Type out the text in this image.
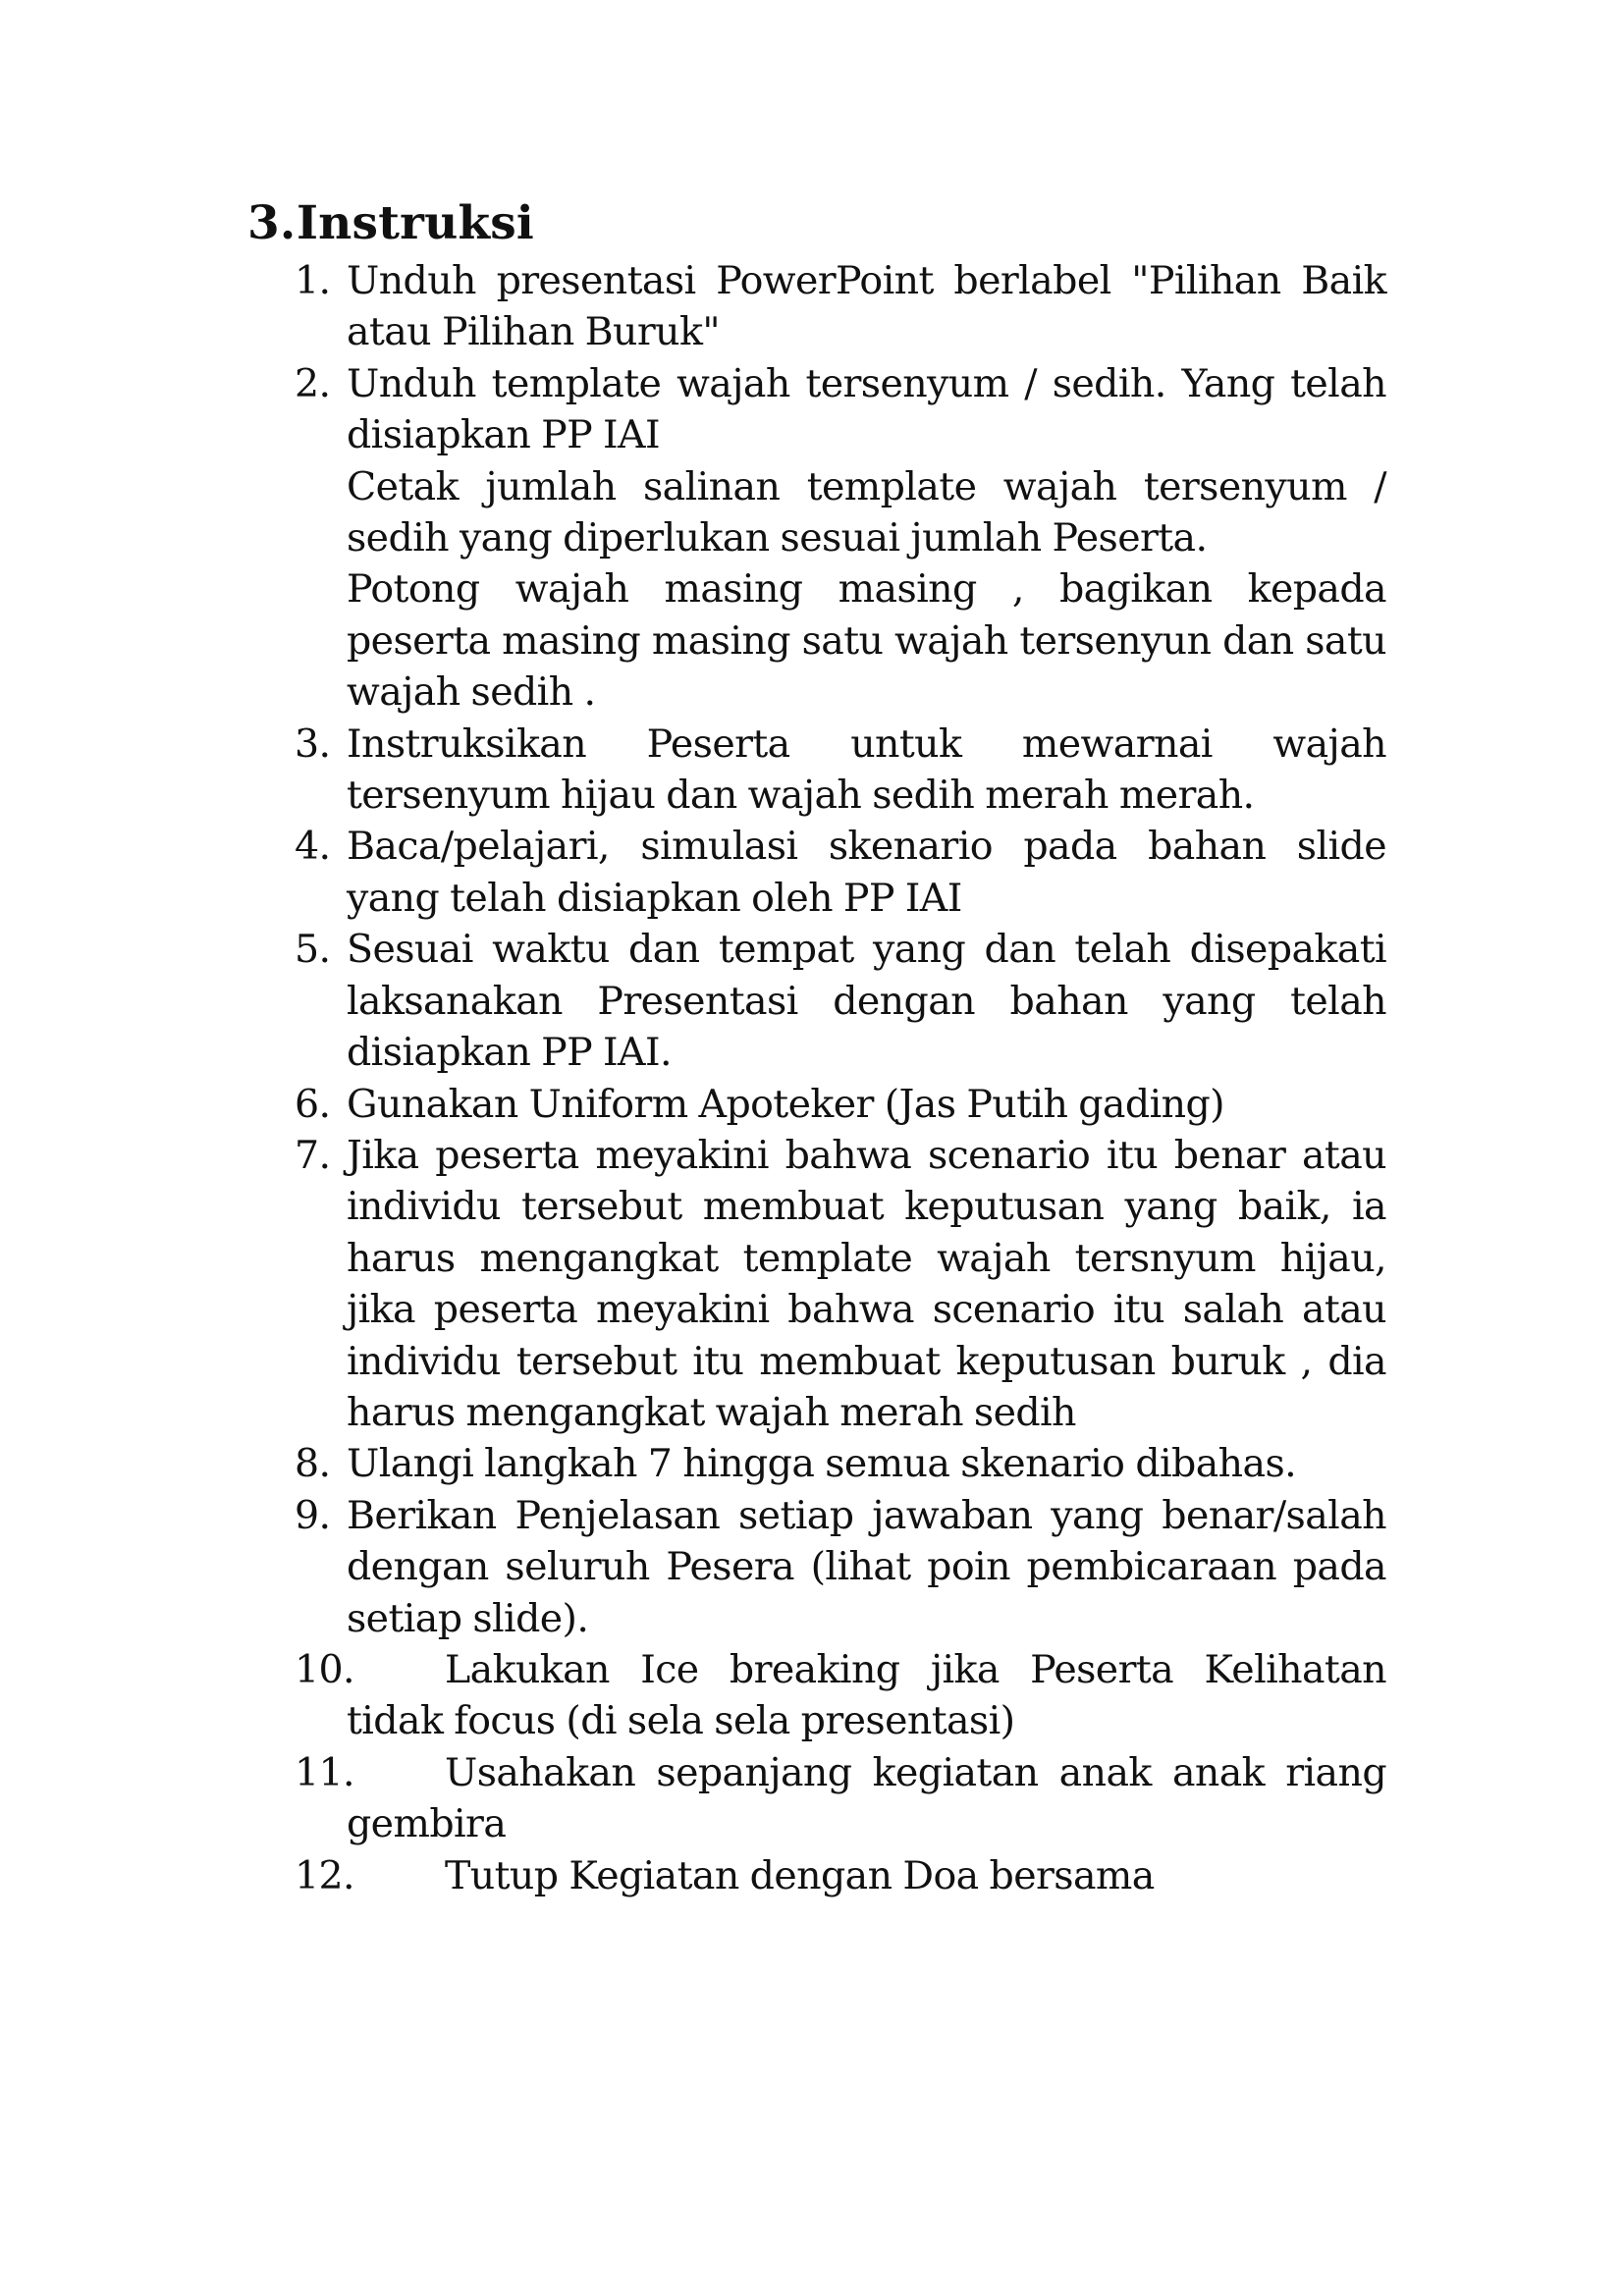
3.Instruksi
1. Unduh presentasi PowerPoint berlabel "Pilihan Baik atau Pilihan Buruk"

2. Unduh template wajah tersenyum / sedih. Yang telah disiapkan PP IAI

Cetak jumlah salinan template wajah tersenyum / sedih yang diperlukan sesuai jumlah Peserta.

Potong wajah masing masing , bagikan kepada peserta masing masing satu wajah tersenyun dan satu wajah sedih .

3. Instruksikan Peserta untuk mewarnai wajah tersenyum hijau dan wajah sedih merah merah.

4. Baca/pelajari, simulasi skenario pada bahan slide yang telah disiapkan oleh PP IAI

5. Sesuai waktu dan tempat yang dan telah disepakati laksanakan Presentasi dengan bahan yang telah disiapkan PP IAI.

6. Gunakan Uniform Apoteker (Jas Putih gading)

7. Jika peserta meyakini bahwa scenario itu benar atau individu tersebut membuat keputusan yang baik, ia harus mengangkat template wajah tersnyum hijau, jika peserta meyakini bahwa scenario itu salah atau individu tersebut itu membuat keputusan buruk , dia harus mengangkat wajah merah sedih

8. Ulangi langkah 7 hingga semua skenario dibahas.

9. Berikan Penjelasan setiap jawaban yang benar/salah dengan seluruh Pesera (lihat poin pembicaraan pada setiap slide).

10.	Lakukan Ice breaking jika Peserta Kelihatan tidak focus (di sela sela presentasi)

11.	Usahakan sepanjang kegiatan anak anak riang gembira

12.	Tutup Kegiatan dengan Doa bersama
